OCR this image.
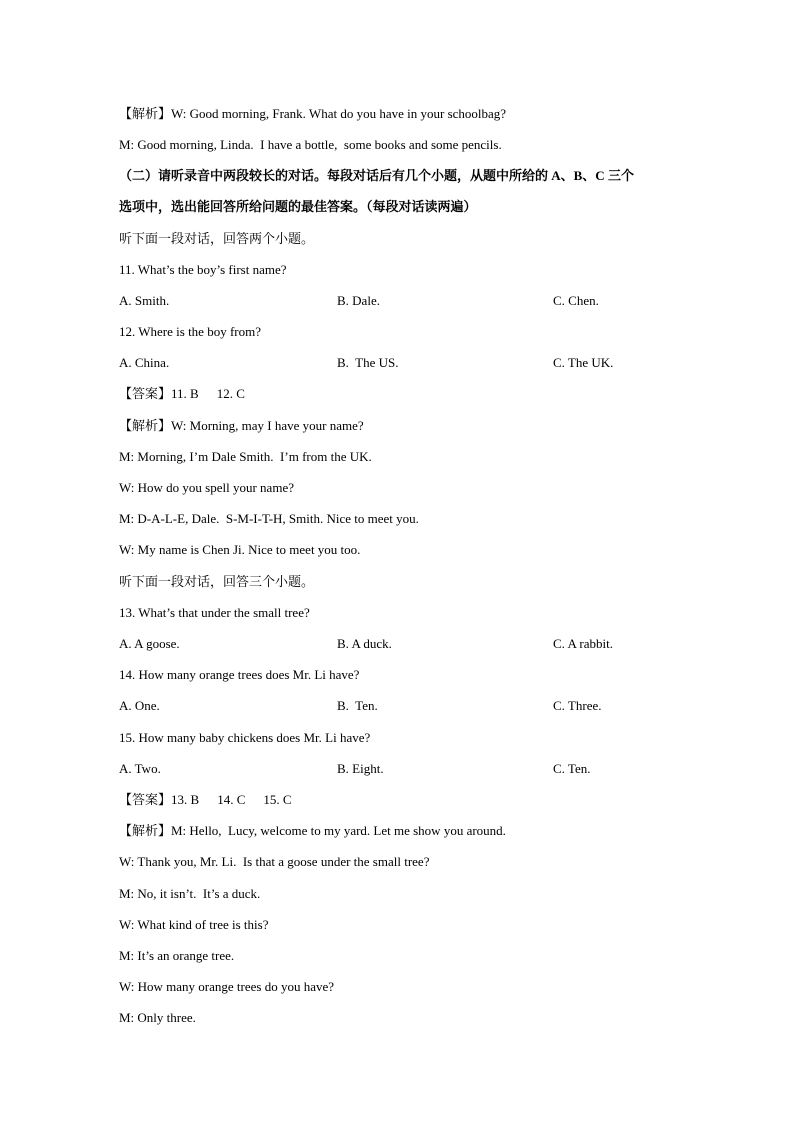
【解析】W: Good morning, Frank. What do you have in your schoolbag?
M: Good morning, Linda.  I have a bottle,  some books and some pencils.
（二）请听录音中两段较长的对话。每段对话后有几个小题，从题中所给的 A、B、C 三个
选项中，选出能回答所给问题的最佳答案。（每段对话读两遍）
听下面一段对话，回答两个小题。
11. What’s the boy’s first name?
A. Smith.	B. Dale.	C. Chen.
12. Where is the boy from?
A. China.	B.  The US.	C. The UK.
【答案】11. B 12. C
【解析】W: Morning, may I have your name?
M: Morning, I’m Dale Smith.  I’m from the UK.
W: How do you spell your name?
M: D-A-L-E, Dale.  S-M-I-T-H, Smith. Nice to meet you.
W: My name is Chen Ji. Nice to meet you too.
听下面一段对话，回答三个小题。
13. What’s that under the small tree?
A. A goose.	B. A duck.	C. A rabbit.
14. How many orange trees does Mr. Li have?
A. One.	B.  Ten.	C. Three.
15. How many baby chickens does Mr. Li have?
A. Two.	B. Eight.	C. Ten.
【答案】13. B 14. C 15. C
【解析】M: Hello,  Lucy, welcome to my yard. Let me show you around.
W: Thank you, Mr. Li.  Is that a goose under the small tree?
M: No, it isn’t.  It’s a duck.
W: What kind of tree is this?
M: It’s an orange tree.
W: How many orange trees do you have?
M: Only three.
